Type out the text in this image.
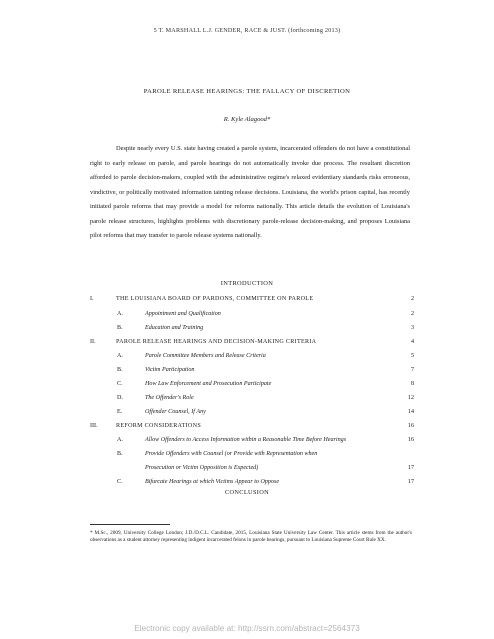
5 T. MARSHALL L.J. GENDER, RACE & JUST. (forthcoming 2013)
PAROLE RELEASE HEARINGS: THE FALLACY OF DISCRETION
R. Kyle Alagood*
Despite nearly every U.S. state having created a parole system, incarcerated offenders do not have a constitutional right to early release on parole, and parole hearings do not automatically invoke due process. The resultant discretion afforded to parole decision-makers, coupled with the administrative regime's relaxed evidentiary standards risks erroneous, vindictive, or politically motivated information tainting release decisions. Louisiana, the world's prison capital, has recently initiated parole reforms that may provide a model for reforms nationally. This article details the evolution of Louisiana's parole release structures, highlights problems with discretionary parole-release decision-making, and proposes Louisiana pilot reforms that may transfer to parole release systems nationally.
INTRODUCTION
I.	THE LOUISIANA BOARD OF PARDONS, COMMITTEE ON PAROLE	2
A.	Appointment and Qualification	2
B.	Education and Training	3
II.	PAROLE RELEASE HEARINGS AND DECISION-MAKING CRITERIA	4
A.	Parole Committee Members and Release Criteria	5
B.	Victim Participation	7
C.	How Law Enforcement and Prosecution Participate	8
D.	The Offender's Role	12
E.	Offender Counsel, If Any	14
III.	REFORM CONSIDERATIONS	16
A.	Allow Offenders to Access Information within a Reasonable Time Before Hearings	16
B.	Provide Offenders with Counsel (or Provide with Representation when
Prosecution or Victim Opposition is Expected)	17
C.	Bifurcate Hearings at which Victims Appear to Oppose	17
CONCLUSION
* M.Sc., 2009, University College London; J.D./D.C.L. Candidate, 2015, Louisiana State University Law Center. This article stems from the author's observations as a student attorney representing indigent incarcerated felons in parole hearings, pursuant to Louisiana Supreme Court Rule XX.
Electronic copy available at: http://ssrn.com/abstract=2564373
